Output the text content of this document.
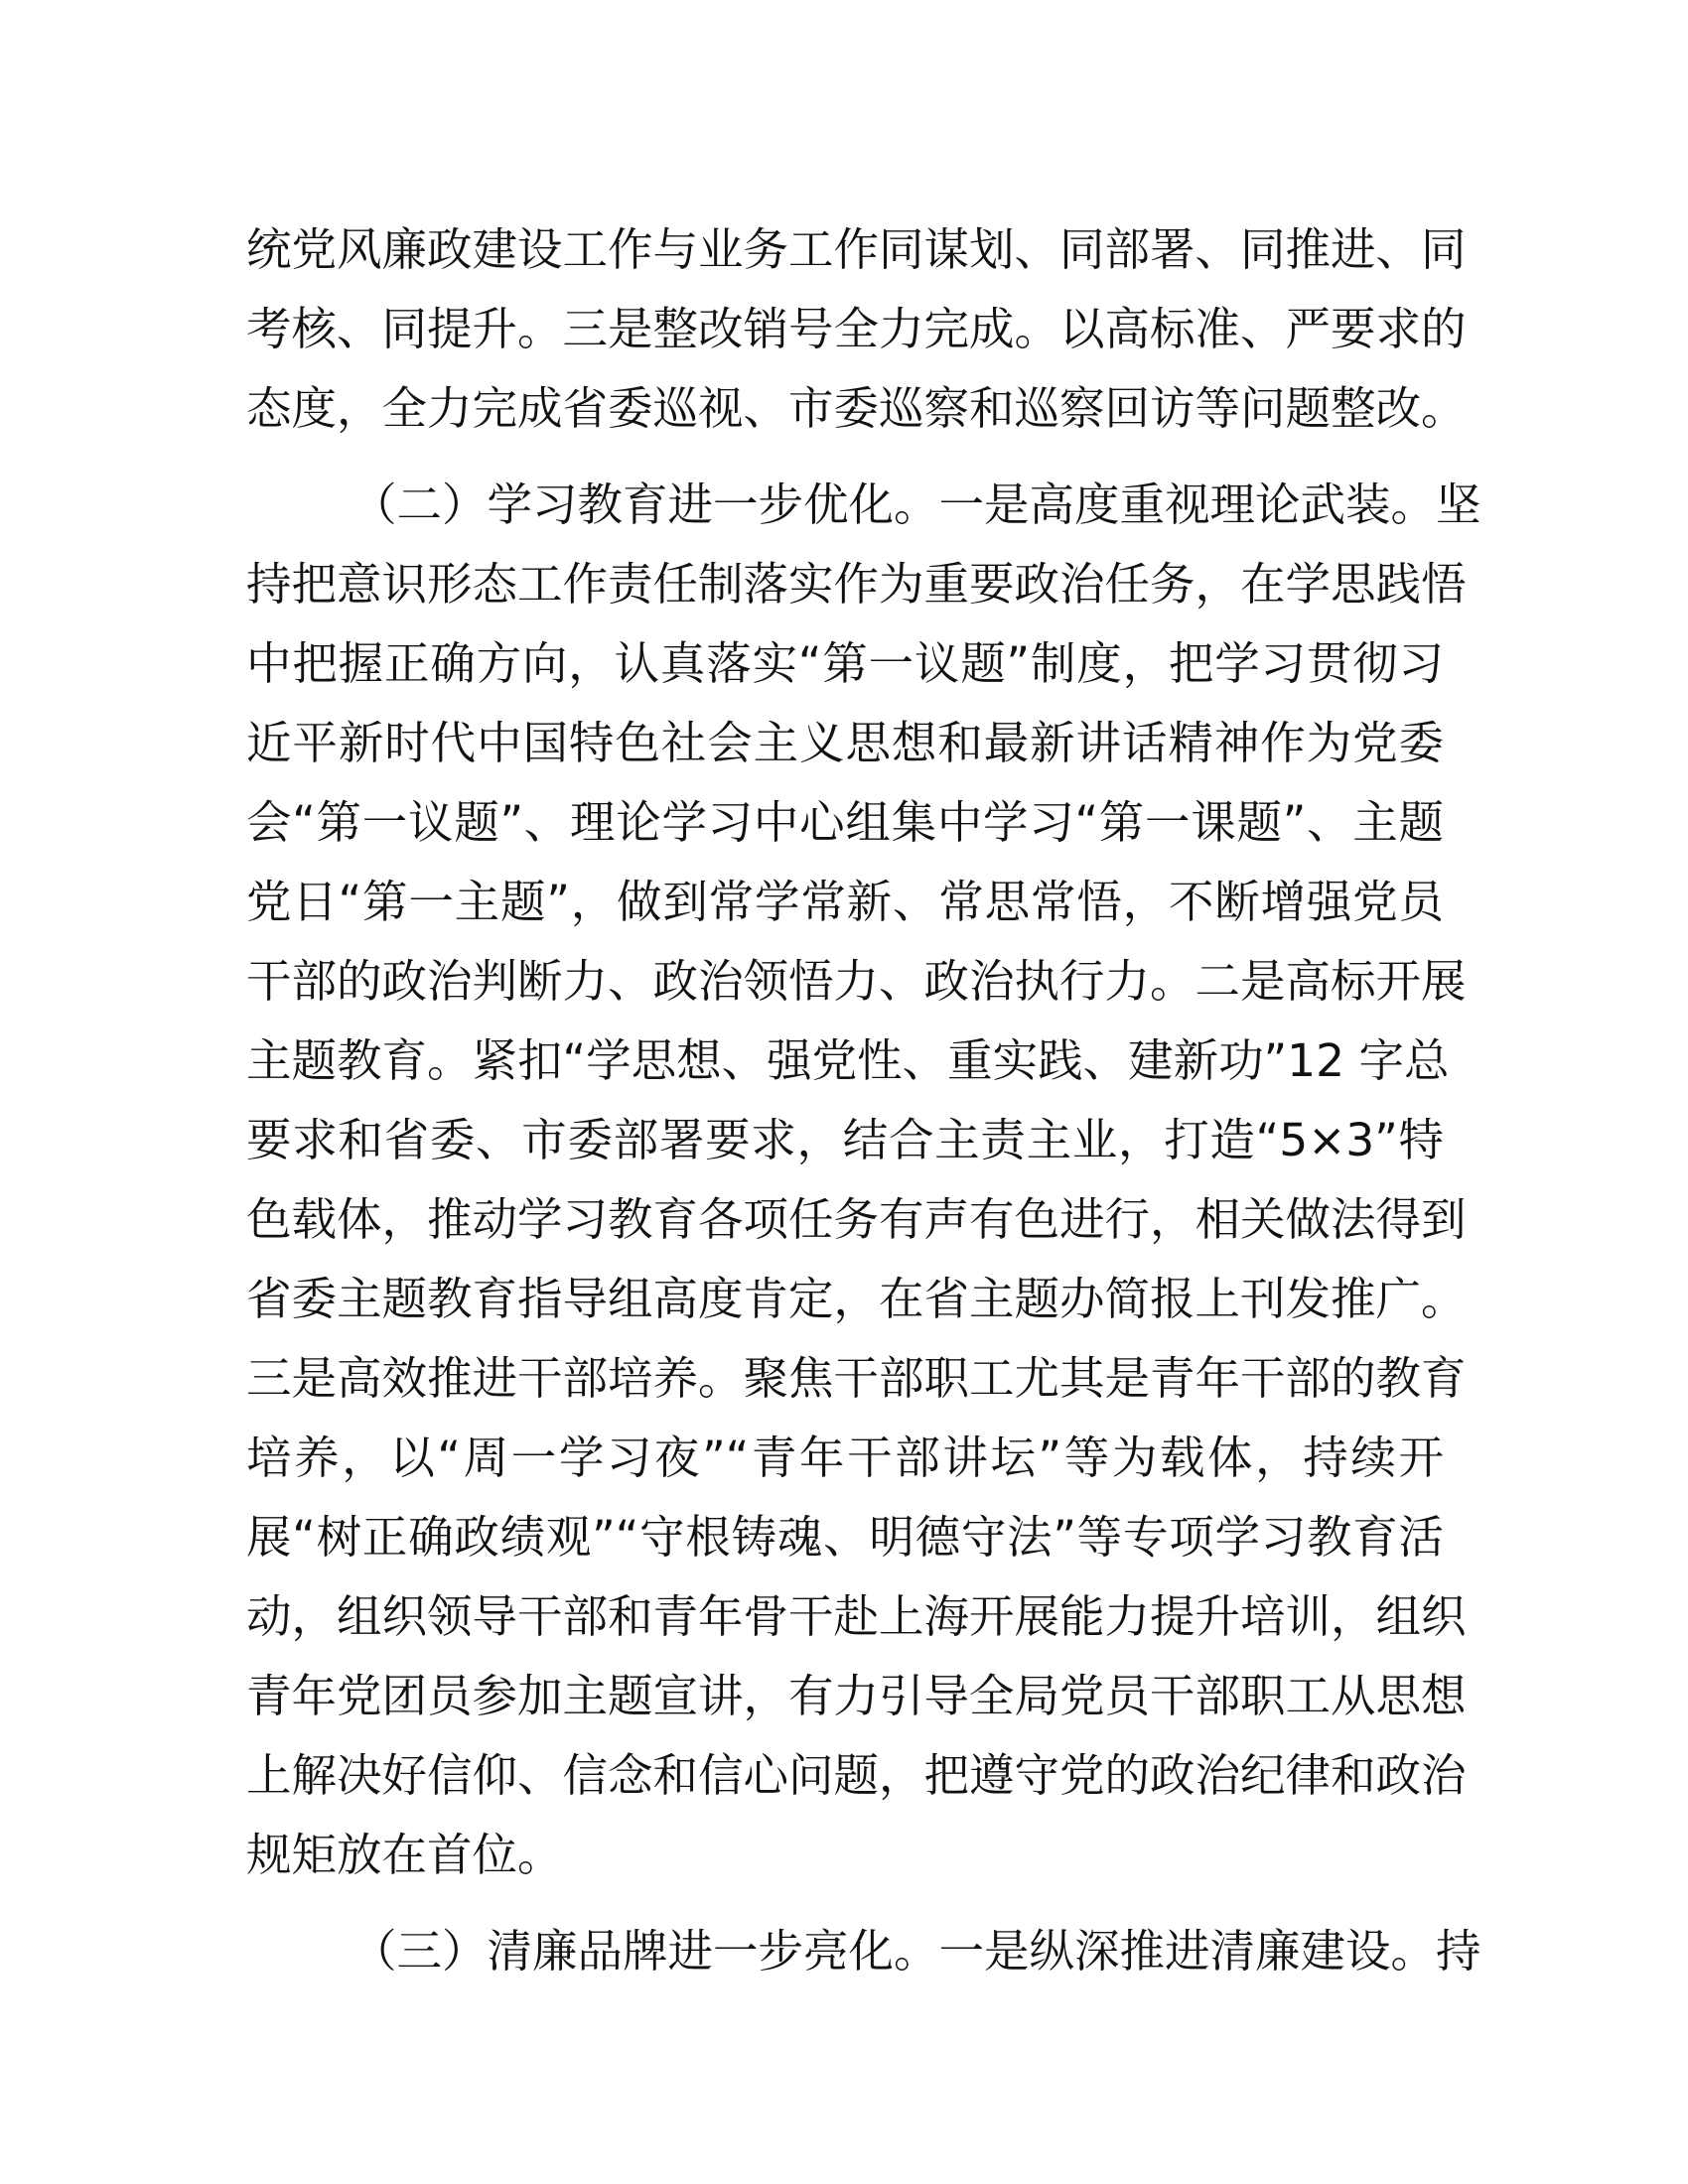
统党风廉政建设工作与业务工作同谋划、同部署、同推进、同
考核、同提升。三是整改销号全力完成。以高标准、严要求的
态度，全力完成省委巡视、市委巡察和巡察回访等问题整改。
（二）学习教育进一步优化。一是高度重视理论武装。坚
持把意识形态工作责任制落实作为重要政治任务，在学思践悟
中把握正确方向，认真落实“第一议题”制度，把学习贯彻习
近平新时代中国特色社会主义思想和最新讲话精神作为党委
会“第一议题”、理论学习中心组集中学习“第一课题”、主题
党日“第一主题”，做到常学常新、常思常悟，不断增强党员
干部的政治判断力、政治领悟力、政治执行力。二是高标开展
主题教育。紧扣“学思想、强党性、重实践、建新功”12 字总
要求和省委、市委部署要求，结合主责主业，打造“5×3”特
色载体，推动学习教育各项任务有声有色进行，相关做法得到
省委主题教育指导组高度肯定，在省主题办简报上刊发推广。
三是高效推进干部培养。聚焦干部职工尤其是青年干部的教育
培养，以“周一学习夜”“青年干部讲坛”等为载体，持续开
展“树正确政绩观”“守根铸魂、明德守法”等专项学习教育活
动，组织领导干部和青年骨干赴上海开展能力提升培训，组织
青年党团员参加主题宣讲，有力引导全局党员干部职工从思想
上解决好信仰、信念和信心问题，把遵守党的政治纪律和政治
规矩放在首位。
（三）清廉品牌进一步亮化。一是纵深推进清廉建设。持
